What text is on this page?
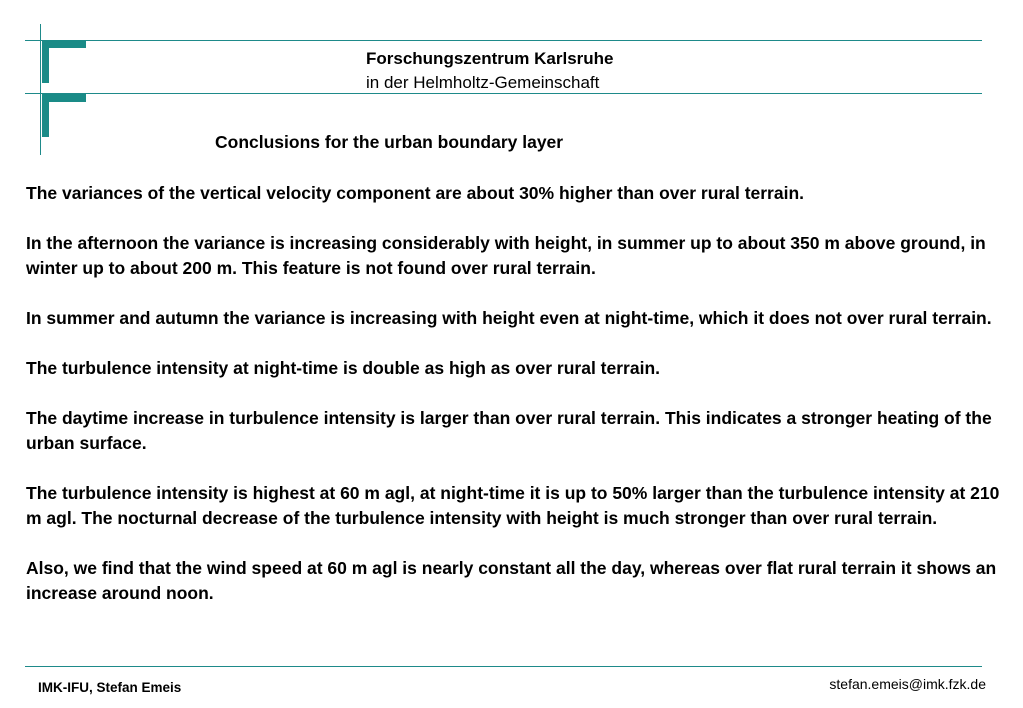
Forschungszentrum Karlsruhe
in der Helmholtz-Gemeinschaft
Conclusions for the urban boundary layer

The variances of the vertical velocity component are about 30% higher than over rural terrain.

In the afternoon the variance is increasing considerably with height, in summer up to about 350 m above ground, in winter up to about 200 m. This feature is not found over rural terrain.

In summer and autumn the variance is increasing with height even at night-time, which it does not over rural terrain.

The turbulence intensity at night-time is double as high as over rural terrain.

The daytime increase in turbulence intensity is larger than over rural terrain. This indicates a stronger heating of the urban surface.

The turbulence intensity is highest at 60 m agl, at night-time it is up to 50% larger than the turbulence intensity at 210 m agl. The nocturnal decrease of the turbulence intensity with height is much stronger than over rural terrain.

Also, we find that the wind speed at 60 m agl is nearly constant all the day, whereas over flat rural terrain it shows an increase around noon.

stefan.emeis@imk.fzk.de
IMK-IFU, Stefan Emeis
